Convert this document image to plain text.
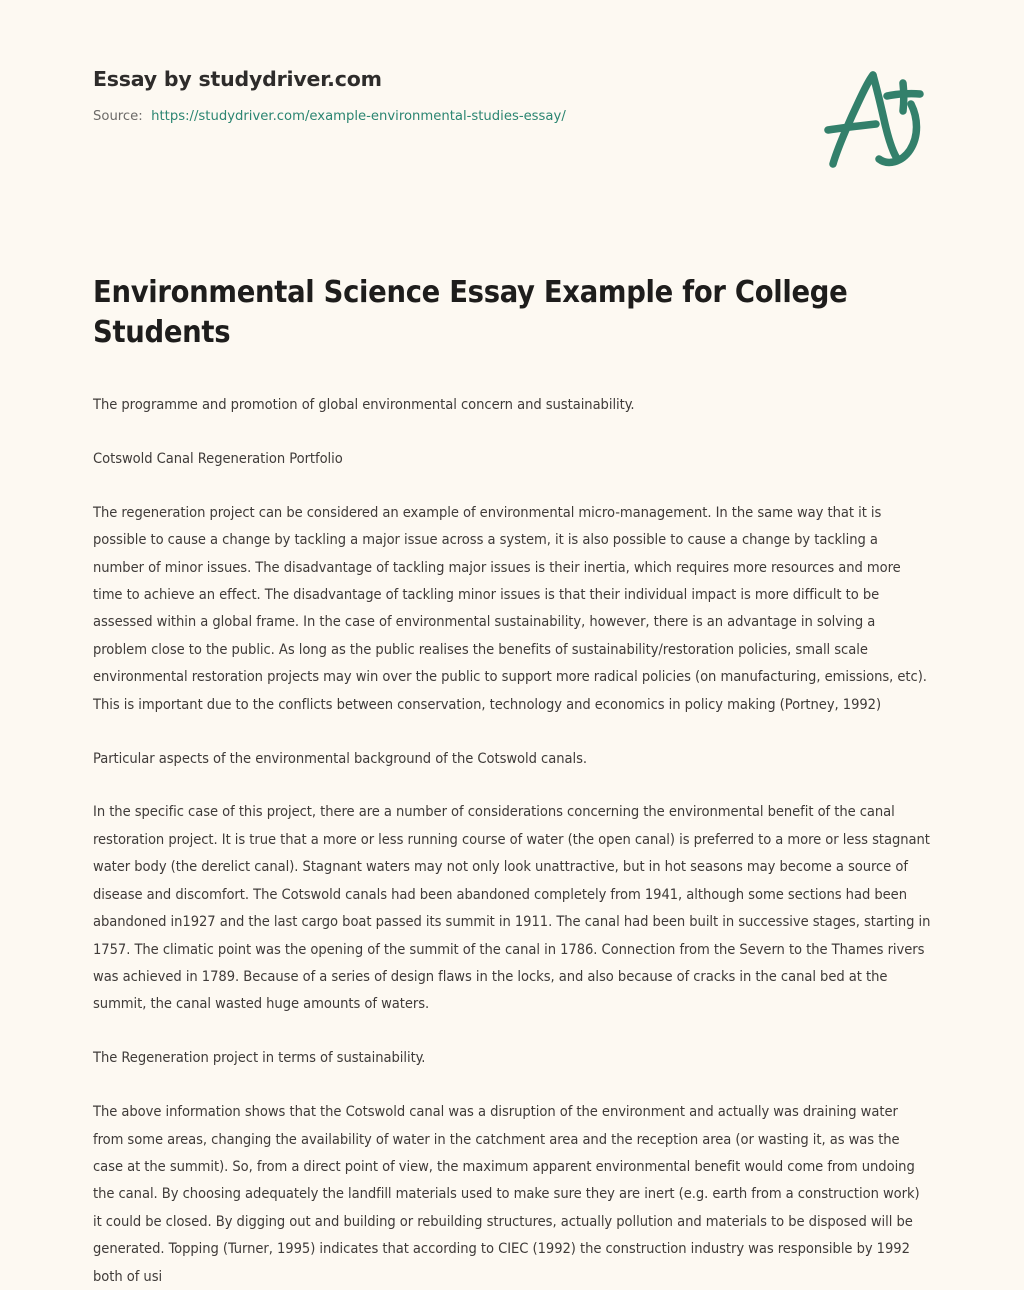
Essay by studydriver.com
Source: https://studydriver.com/example-environmental-studies-essay/
Environmental Science Essay Example for College Students

The programme and promotion of global environmental concern and sustainability.

Cotswold Canal Regeneration Portfolio

The regeneration project can be considered an example of environmental micro-management. In the same way that it is possible to cause a change by tackling a major issue across a system, it is also possible to cause a change by tackling a number of minor issues. The disadvantage of tackling major issues is their inertia, which requires more resources and more time to achieve an effect. The disadvantage of tackling minor issues is that their individual impact is more difficult to be assessed within a global frame. In the case of environmental sustainability, however, there is an advantage in solving a problem close to the public. As long as the public realises the benefits of sustainability/restoration policies, small scale environmental restoration projects may win over the public to support more radical policies (on manufacturing, emissions, etc). This is important due to the conflicts between conservation, technology and economics in policy making (Portney, 1992)

Particular aspects of the environmental background of the Cotswold canals.

In the specific case of this project, there are a number of considerations concerning the environmental benefit of the canal restoration project. It is true that a more or less running course of water (the open canal) is preferred to a more or less stagnant water body (the derelict canal). Stagnant waters may not only look unattractive, but in hot seasons may become a source of disease and discomfort. The Cotswold canals had been abandoned completely from 1941, although some sections had been abandoned in1927 and the last cargo boat passed its summit in 1911. The canal had been built in successive stages, starting in 1757. The climatic point was the opening of the summit of the canal in 1786. Connection from the Severn to the Thames rivers was achieved in 1789. Because of a series of design flaws in the locks, and also because of cracks in the canal bed at the summit, the canal wasted huge amounts of waters.

The Regeneration project in terms of sustainability.

The above information shows that the Cotswold canal was a disruption of the environment and actually was draining water from some areas, changing the availability of water in the catchment area and the reception area (or wasting it, as was the case at the summit). So, from a direct point of view, the maximum apparent environmental benefit would come from undoing the canal. By choosing adequately the landfill materials used to make sure they are inert (e.g. earth from a construction work) it could be closed. By digging out and building or rebuilding structures, actually pollution and materials to be disposed will be generated. Topping (Turner, 1995) indicates that according to CIEC (1992) the construction industry was responsible by 1992 both of usi
